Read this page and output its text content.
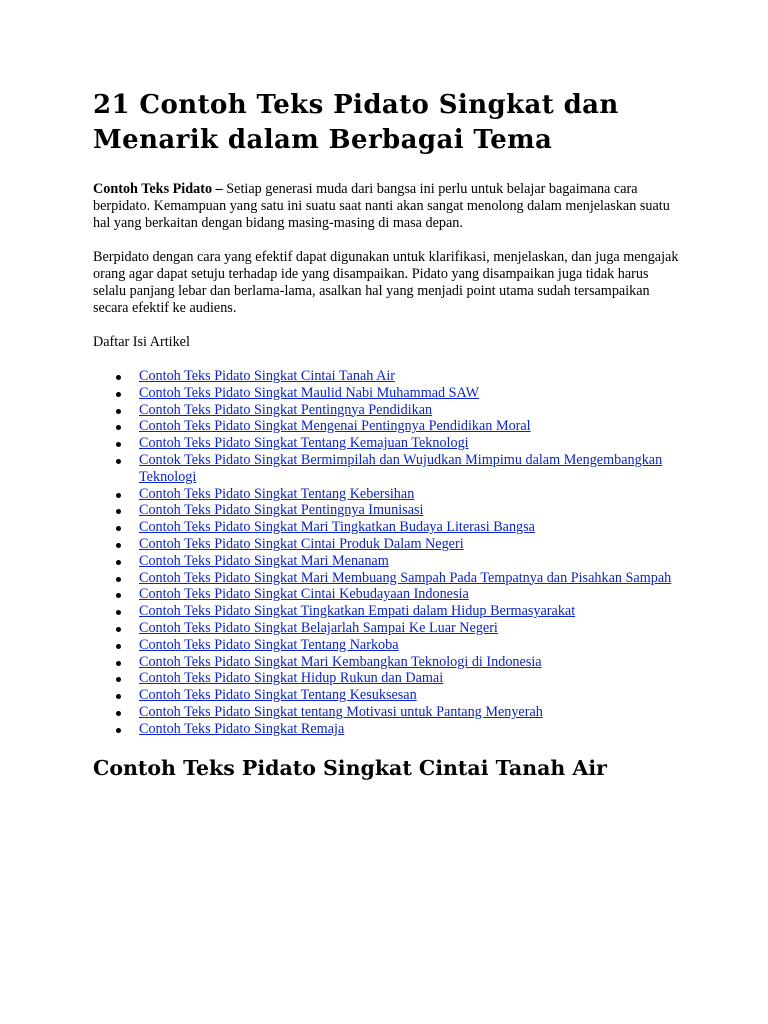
21 Contoh Teks Pidato Singkat dan Menarik dalam Berbagai Tema

Contoh Teks Pidato – Setiap generasi muda dari bangsa ini perlu untuk belajar bagaimana cara berpidato. Kemampuan yang satu ini suatu saat nanti akan sangat menolong dalam menjelaskan suatu hal yang berkaitan dengan bidang masing-masing di masa depan.

Berpidato dengan cara yang efektif dapat digunakan untuk klarifikasi, menjelaskan, dan juga mengajak orang agar dapat setuju terhadap ide yang disampaikan. Pidato yang disampaikan juga tidak harus selalu panjang lebar dan berlama-lama, asalkan hal yang menjadi point utama sudah tersampaikan secara efektif ke audiens.

Daftar Isi Artikel

Contoh Teks Pidato Singkat Cintai Tanah Air
Contoh Teks Pidato Singkat Maulid Nabi Muhammad SAW
Contoh Teks Pidato Singkat Pentingnya Pendidikan
Contoh Teks Pidato Singkat Mengenai Pentingnya Pendidikan Moral
Contoh Teks Pidato Singkat Tentang Kemajuan Teknologi
Contok Teks Pidato Singkat Bermimpilah dan Wujudkan Mimpimu dalam Mengembangkan Teknologi
Contoh Teks Pidato Singkat Tentang Kebersihan
Contoh Teks Pidato Singkat Pentingnya Imunisasi
Contoh Teks Pidato Singkat Mari Tingkatkan Budaya Literasi Bangsa
Contoh Teks Pidato Singkat Cintai Produk Dalam Negeri
Contoh Teks Pidato Singkat Mari Menanam
Contoh Teks Pidato Singkat Mari Membuang Sampah Pada Tempatnya dan Pisahkan Sampah
Contoh Teks Pidato Singkat Cintai Kebudayaan Indonesia
Contoh Teks Pidato Singkat Tingkatkan Empati dalam Hidup Bermasyarakat
Contoh Teks Pidato Singkat Belajarlah Sampai Ke Luar Negeri
Contoh Teks Pidato Singkat Tentang Narkoba
Contoh Teks Pidato Singkat Mari Kembangkan Teknologi di Indonesia
Contoh Teks Pidato Singkat Hidup Rukun dan Damai
Contoh Teks Pidato Singkat Tentang Kesuksesan
Contoh Teks Pidato Singkat tentang Motivasi untuk Pantang Menyerah
Contoh Teks Pidato Singkat Remaja
Contoh Teks Pidato Singkat Cintai Tanah Air
